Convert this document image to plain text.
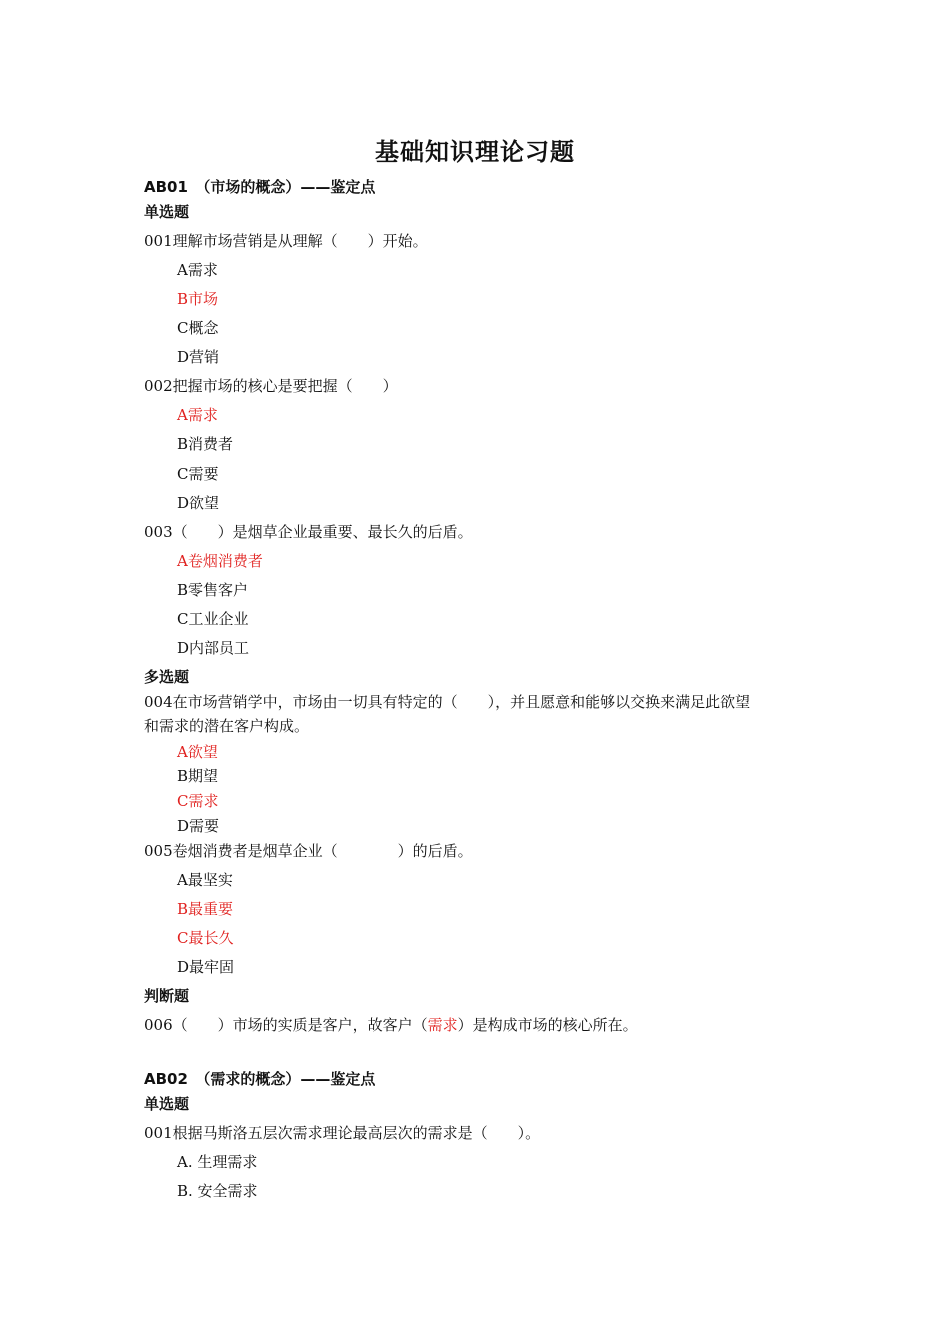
基础知识理论习题
AB01　（市场的概念）——鉴定点
单选题
001理解市场营销是从理解（　　）开始。
A需求
B市场
C概念
D营销
002把握市场的核心是要把握（　　）
A需求
B消费者
C需要
D欲望
003（　　）是烟草企业最重要、最长久的后盾。
A卷烟消费者
B零售客户
C工业企业
D内部员工
多选题
004在市场营销学中，市场由一切具有特定的（　　），并且愿意和能够以交换来满足此欲望
和需求的潜在客户构成。
A欲望
B期望
C需求
D需要
005卷烟消费者是烟草企业（　　　　）的后盾。
A最坚实
B最重要
C最长久
D最牢固
判断题
006（　　）市场的实质是客户，故客户（需求）是构成市场的核心所在。
AB02　（需求的概念）——鉴定点
单选题
001根据马斯洛五层次需求理论最高层次的需求是（　　）。
A. 生理需求
B. 安全需求
